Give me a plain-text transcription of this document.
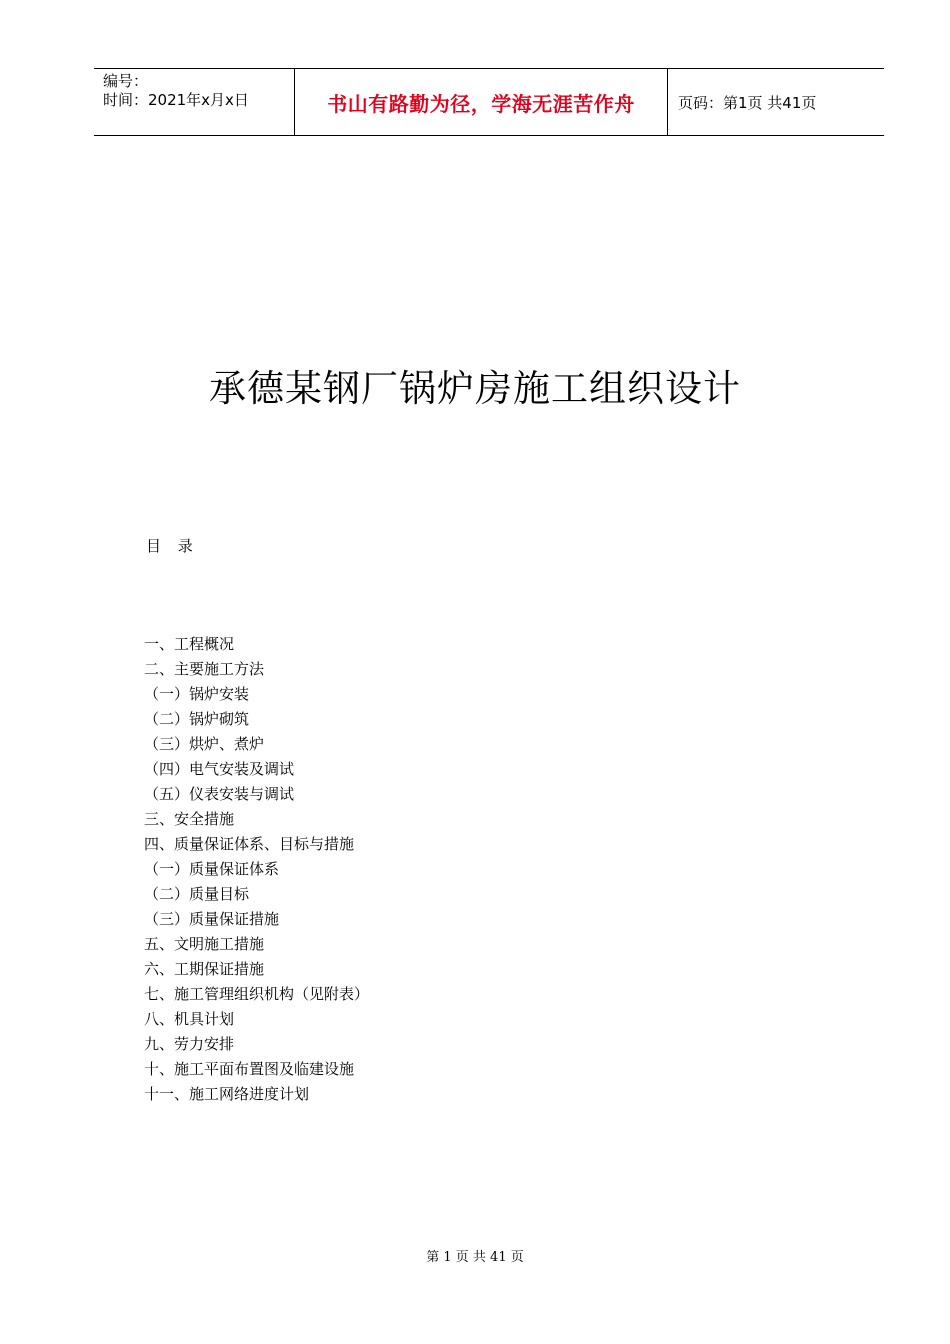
编号：
时间：2021年x月x日	书山有路勤为径，学海无涯苦作舟	页码：第1页 共41页
承德某钢厂锅炉房施工组织设计
目 录
一、工程概况
二、主要施工方法
（一）锅炉安装
（二）锅炉砌筑
（三）烘炉、煮炉
（四）电气安装及调试
（五）仪表安装与调试
三、安全措施
四、质量保证体系、目标与措施
（一）质量保证体系
（二）质量目标
（三）质量保证措施
五、文明施工措施
六、工期保证措施
七、施工管理组织机构（见附表）
八、机具计划
九、劳力安排
十、施工平面布置图及临建设施
十一、施工网络进度计划
第 1 页 共 41 页
